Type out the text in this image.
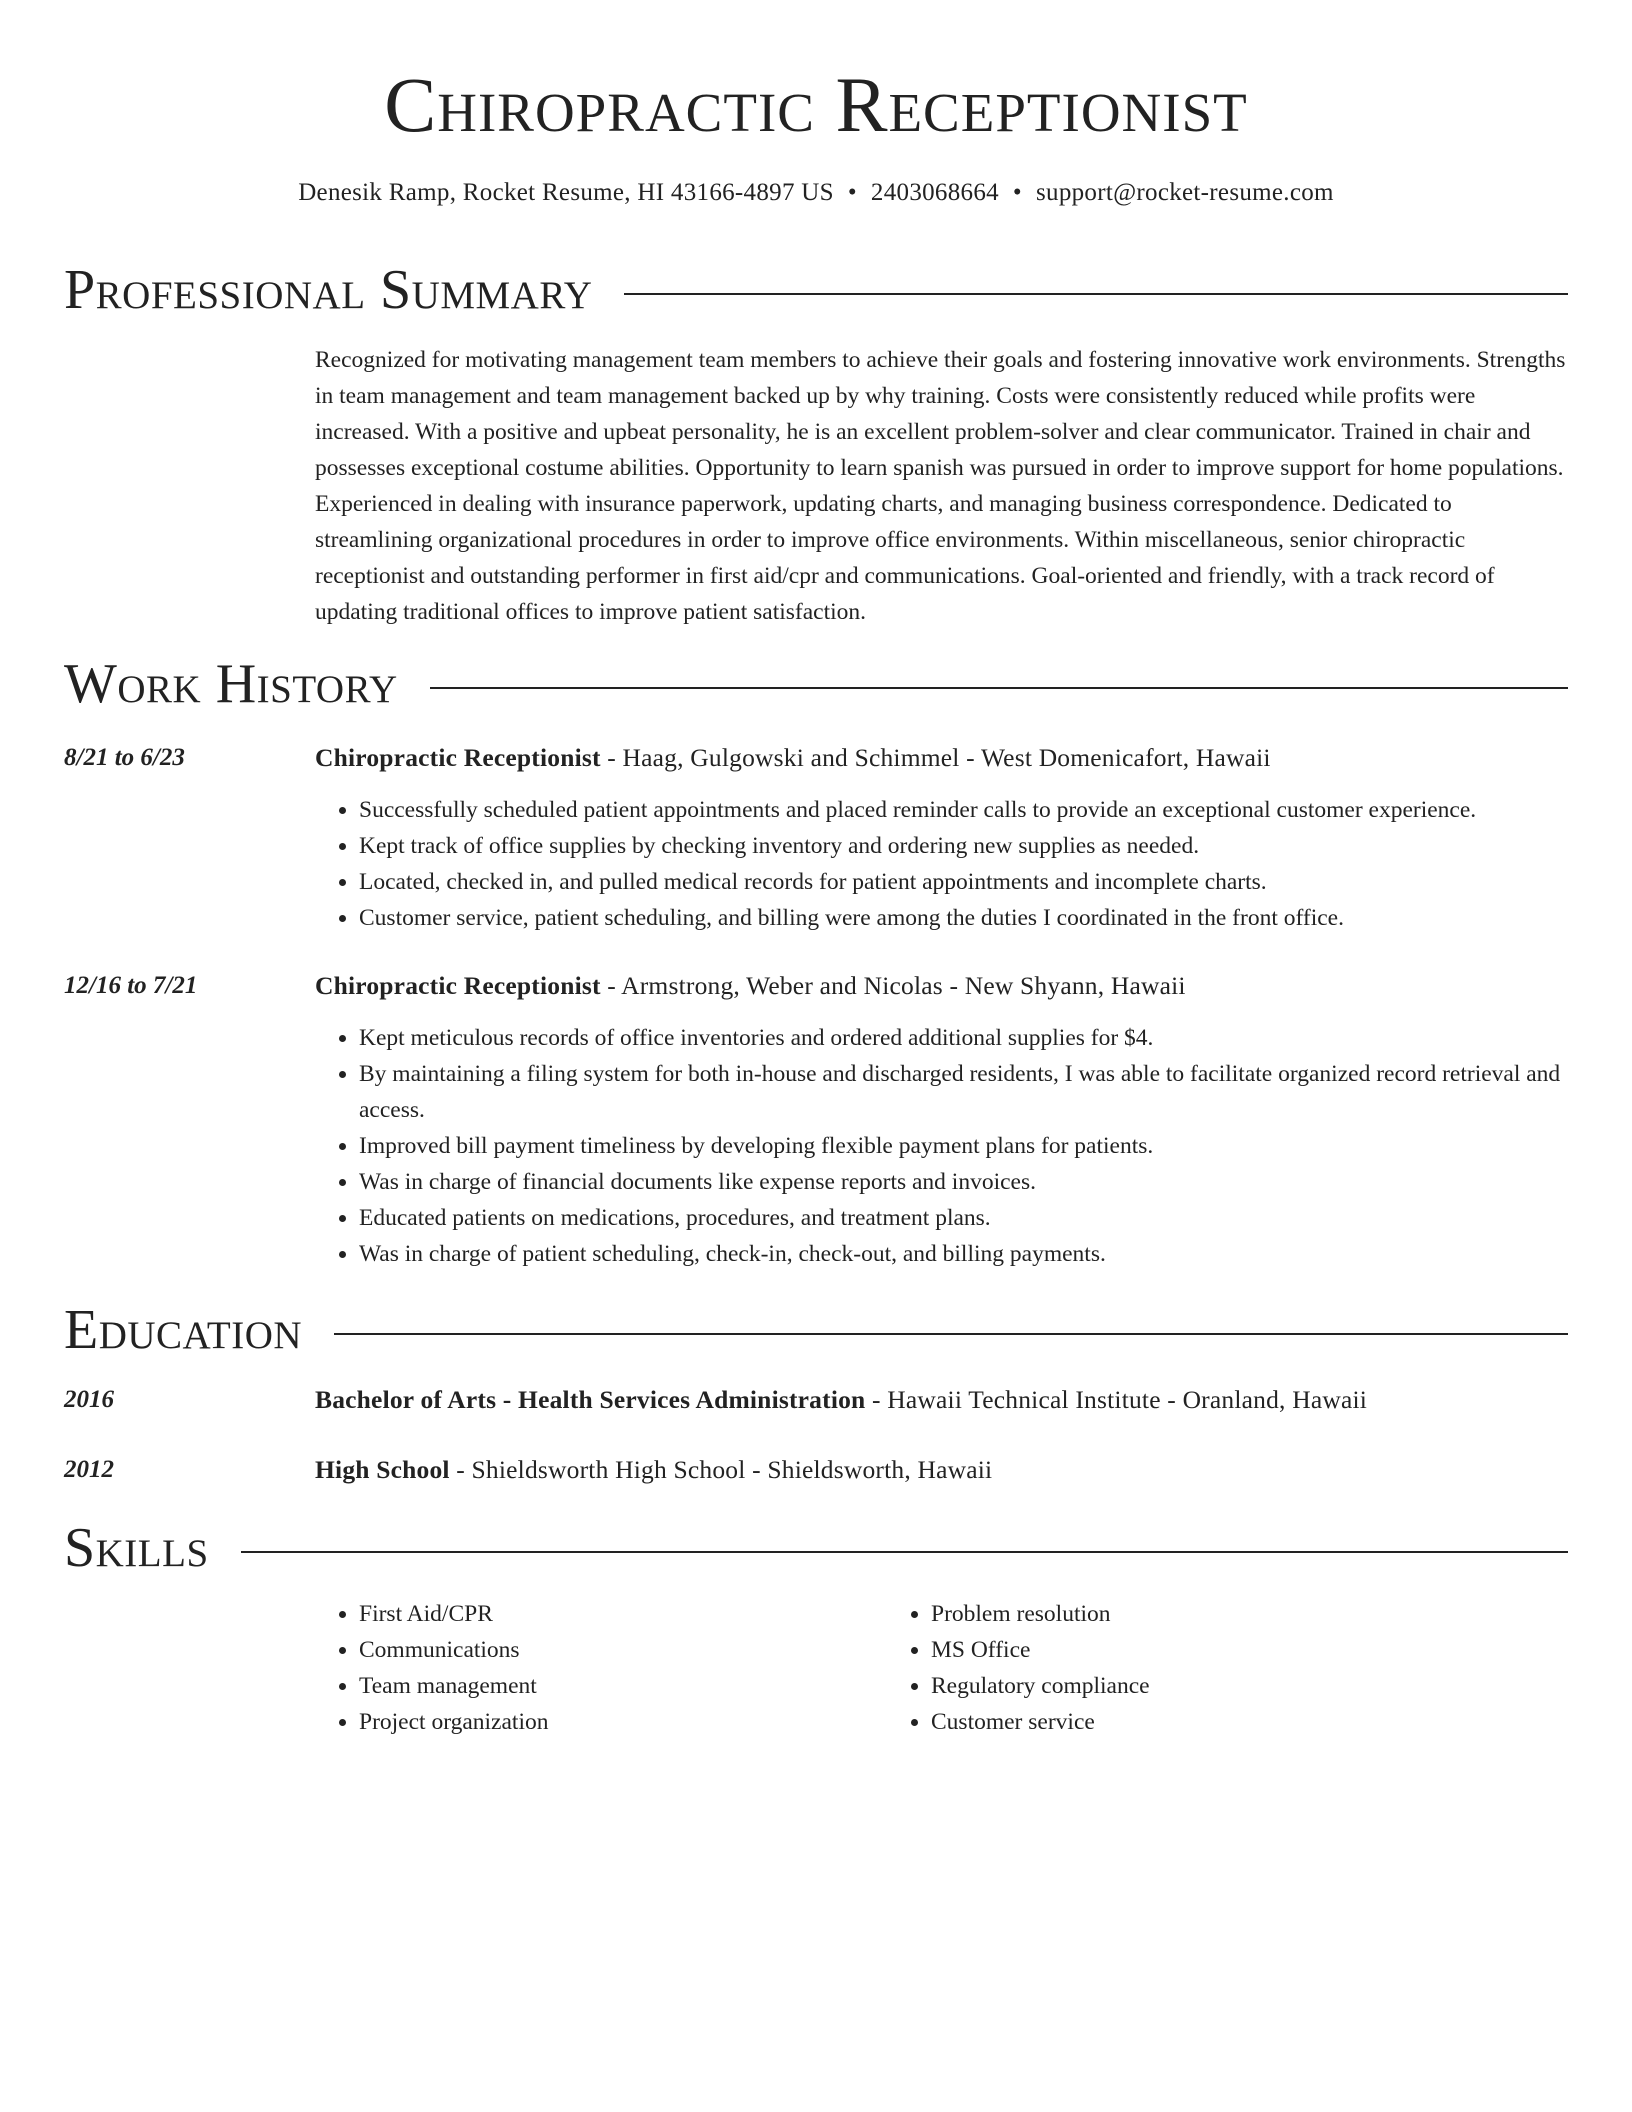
Chiropractic Receptionist
Denesik Ramp, Rocket Resume, HI 43166-4897 US • 2403068664 • support@rocket-resume.com
Professional Summary
Recognized for motivating management team members to achieve their goals and fostering innovative work environments. Strengths in team management and team management backed up by why training. Costs were consistently reduced while profits were increased. With a positive and upbeat personality, he is an excellent problem-solver and clear communicator. Trained in chair and possesses exceptional costume abilities. Opportunity to learn spanish was pursued in order to improve support for home populations. Experienced in dealing with insurance paperwork, updating charts, and managing business correspondence. Dedicated to streamlining organizational procedures in order to improve office environments. Within miscellaneous, senior chiropractic receptionist and outstanding performer in first aid/cpr and communications. Goal-oriented and friendly, with a track record of updating traditional offices to improve patient satisfaction.
Work History
8/21 to 6/23	Chiropractic Receptionist - Haag, Gulgowski and Schimmel - West Domenicafort, Hawaii
• Successfully scheduled patient appointments and placed reminder calls to provide an exceptional customer experience.
• Kept track of office supplies by checking inventory and ordering new supplies as needed.
• Located, checked in, and pulled medical records for patient appointments and incomplete charts.
• Customer service, patient scheduling, and billing were among the duties I coordinated in the front office.
12/16 to 7/21	Chiropractic Receptionist - Armstrong, Weber and Nicolas - New Shyann, Hawaii
• Kept meticulous records of office inventories and ordered additional supplies for $4.
• By maintaining a filing system for both in-house and discharged residents, I was able to facilitate organized record retrieval and access.
• Improved bill payment timeliness by developing flexible payment plans for patients.
• Was in charge of financial documents like expense reports and invoices.
• Educated patients on medications, procedures, and treatment plans.
• Was in charge of patient scheduling, check-in, check-out, and billing payments.
Education
2016	Bachelor of Arts - Health Services Administration - Hawaii Technical Institute - Oranland, Hawaii
2012	High School - Shieldsworth High School - Shieldsworth, Hawaii
Skills
• First Aid/CPR
• Communications
• Team management
• Project organization
• Problem resolution
• MS Office
• Regulatory compliance
• Customer service
